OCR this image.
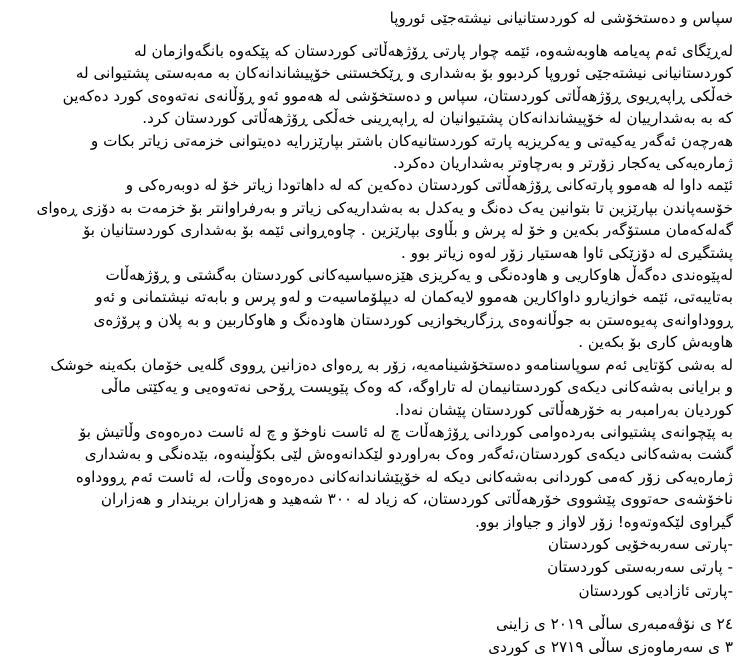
سپاس و دەستخۆشی لە کوردستانیانی نیشتەجێی ئوروپا
لەڕێگای ئەم پەیامە هاوبەشەوە، ئێمە چوار پارتی ڕۆژهەڵاتی کوردستان کە پێکەوە بانگەوازمان لە
کوردستانیانی نیشتەجێی ئوروپا کردبوو بۆ بەشداری و ڕێکخستنی خۆپیشاندانەکان بە مەبەستی پشتیوانی لە
خەڵکی ڕاپەڕیوی ڕۆژهەڵاتی کوردستان، سپاس و دەستخۆشی لە هەموو ئەو ڕۆڵانەی نەتەوەی کورد دەکەین
کە بە بەشداریيان لە خۆپیشاندانەکان پشتیوانیان لە ڕاپەڕینی خەڵکی ڕۆژهەڵاتی کوردستان کرد.
هەرچەن ئەگەر یەکیەتی و یەکریزیە پارتە کوردستانیەکان باشتر بپارێزرایە دەیتوانی خزمەتی زیاتر بکات و
ژمارەیەکی یەکجار زۆرتر و بەرچاوتر بەشداریان دەکرد.
ئێمە داوا لە هەموو پارتەکانی ڕۆژهەڵاتی کوردستان دەکەین کە لە داهاتودا زیاتر خۆ لە دوبەرەکی و
خۆسەپاندن بپارێزین تا بتوانین یەک دەنگ و یەکدل بە بەشداریەکی زیاتر و بەرفراوانتر بۆ خزمەت بە دۆزی ڕەوای
گەلەکەمان مستۆگەر بکەین و خۆ لە پرش و بڵاوی بپارێزین . چاوەڕوانی ئێمە بۆ بەشداری کوردستانیان بۆ
پشتگیری لە دۆزێکی ئاوا هەستیار زۆر لەوە زیاتر بوو .
لەپێوەندی دەگەڵ هاوکاریی و هاودەنگی و یەکریزی هێزەسیاسیەکانی کوردستان بەگشتی و ڕۆژهەڵات
بەتایبەتی، ئێمە خوازیارو داواکارین هەموو لایەکمان لە دیپلۆماسیەت و لەو پرس و بابەتە نیشتمانی و ئەو
ڕووداوانەی پەیوەستن بە جوڵانەوەی ڕزگاریخوازیی کوردستان هاودەنگ و هاوکاربین و بە پلان و پرۆژەی
هاوبەش کاری بۆ بکەین .
لە بەشی کۆتایی ئەم سوپاسنامەو دەستخۆشینامەیە، زۆر بە ڕەوای دەزانین ڕووی گلەیی خۆمان بکەینە خوشک
و برایانی بەشەکانی دیکەی کوردستانیمان لە تاراوگە، کە وەک پێویست ڕۆحی نەتەوەیی و یەکێتی ماڵی
کوردیان بەرامبەر بە خۆرهەڵاتی کوردستان پێشان نەدا.
بە پێچوانەی پشتیوانی بەردەوامی کوردانی ڕۆژهەڵات چ لە ئاست ناوخۆ و چ لە ئاست دەرەوەی وڵاتیش بۆ
گشت بەشەکانی دیکەی کوردستان،ئەگەر وەک بەراوردو لێکدانەوەش لێی بکۆڵینەوە، بێدەنگی و بەشداری
ژمارەیەکی زۆر کەمی کوردانی بەشەکانی دیکە لە خۆپێشاندانەکانی دەرەوەی وڵات، لە ئاست ئەم ڕووداوە
ناخۆشەی حەتووی پێشووی خۆرهەڵاتی کوردستان، کە زیاد لە ٣٠٠ شەهید و هەزاران بریندار و هەزاران
گیراوی لێکەوتەوە! زۆر لاواز و جیاواز بوو.
-پارتی سەربەخۆیی کوردستان
- پارتی سەربەستی کوردستان
-پارتی ئازادیی کوردستان
٢٤ ی نۆڤەمبەری ساڵی ٢٠١٩ ی زاینی
٣ ی سەرماوەزی ساڵی ٢٧١٩ ی کوردی
